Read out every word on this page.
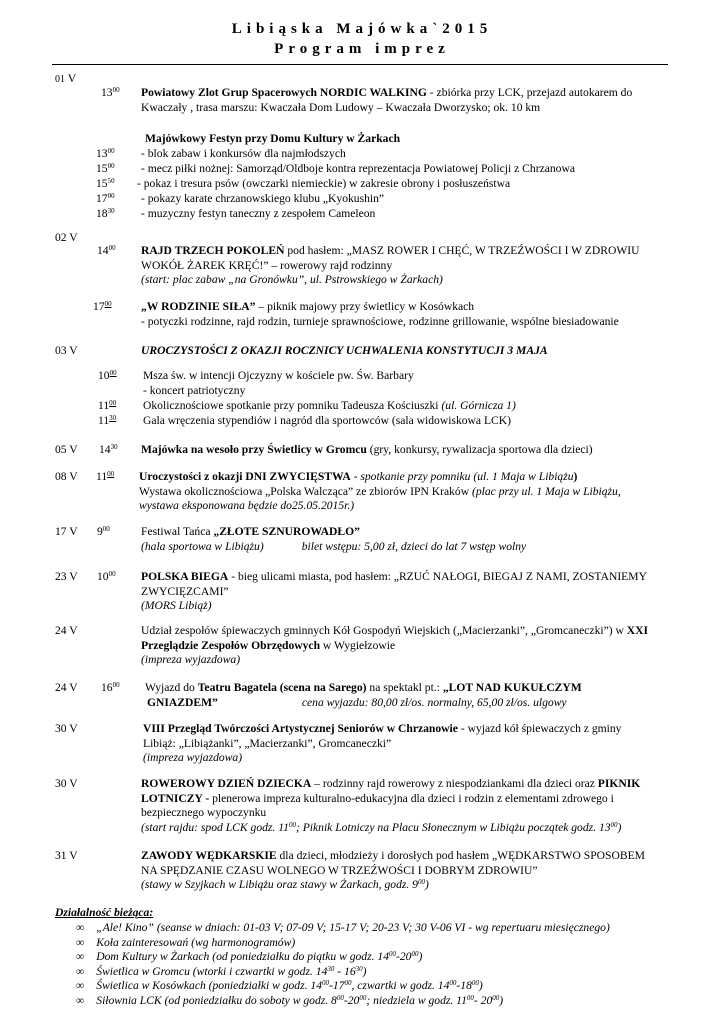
Libiąska Majówka`2015
Program imprez
01 V
$13^{00}$ Powiatowy Zlot Grup Spacerowych NORDIC WALKING - zbiórka przy LCK, przejazd autokarem do
Kwaczały , trasa marszu: Kwaczała Dom Ludowy – Kwaczała Dworzysko; ok. 10 km
Majówkowy Festyn przy Domu Kultury w Żarkach
$13^{00}$ - blok zabaw i konkursów dla najmłodszych
$15^{00}$ - mecz piłki nożnej: Samorząd/Oldboje kontra reprezentacja Powiatowej Policji z Chrzanowa
$15^{50}$ - pokaz i tresura psów (owczarki niemieckie) w zakresie obrony i posłuszeństwa
$17^{00}$ - pokazy karate chrzanowskiego klubu „Kyokushin”
$18^{30}$ - muzyczny festyn taneczny z zespołem Cameleon
02 V
$14^{00}$ RAJD TRZECH POKOLEŃ pod hasłem: „MASZ ROWER I CHĘĆ, W TRZEŹWOŚCI I W ZDROWIU
WOKÓŁ ŻAREK KRĘĆ!” – rowerowy rajd rodzinny
(start: plac zabaw „na Gronówku”, ul. Pstrowskiego w Żarkach)
$17^{00}$	„W RODZINIE SIŁA” – piknik majowy przy świetlicy w Kosówkach
- potyczki rodzinne, rajd rodzin, turnieje sprawnościowe, rodzinne grillowanie, wspólne biesiadowanie
03 V	UROCZYSTOŚCI Z OKAZJI ROCZNICY UCHWALENIA KONSTYTUCJI 3 MAJA
$10^{00}$ Msza św. w intencji Ojczyzny w kościele pw. Św. Barbary
- koncert patriotyczny
$11^{00}$ Okolicznościowe spotkanie przy pomniku Tadeusza Kościuszki (ul. Górnicza 1)
$11^{30}$ Gala wręczenia stypendiów i nagród dla sportowców (sala widowiskowa LCK)
05 V $14^{30}$ Majówka na wesoło przy Świetlicy w Gromcu (gry, konkursy, rywalizacja sportowa dla dzieci)
08 V $11^{00}$ Uroczystości z okazji DNI ZWYCIĘSTWA - spotkanie przy pomniku (ul. 1 Maja w Libiążu)
Wystawa okolicznościowa „Polska Walcząca” ze zbiorów IPN Kraków (plac przy ul. 1 Maja w Libiążu,
wystawa eksponowana będzie do25.05.2015r.)
17 V $9^{00}$	Festiwal Tańca „ZŁOTE SZNUROWADŁO”
(hala sportowa w Libiążu)	bilet wstępu: 5,00 zł, dzieci do lat 7 wstęp wolny
23 V $10^{00}$ POLSKA BIEGA - bieg ulicami miasta, pod hasłem: „RZUĆ NAŁOGI, BIEGAJ Z NAMI, ZOSTANIEMY
ZWYCIĘZCAMI”
(MORS Libiąż)
24 V	Udział zespołów śpiewaczych gminnych Kół Gospodyń Wiejskich („Macierzanki”, „Gromcaneczki”) w XXI
Przeglądzie Zespołów Obrzędowych w Wygiełzowie
(impreza wyjazdowa)
24 V $16^{00}$ Wyjazd do Teatru Bagatela (scena na Sarego) na spektakl pt.: „LOT NAD KUKUŁCZYM
GNIAZDEM”	cena wyjazdu: 80,00 zł/os. normalny, 65,00 zł/os. ulgowy
30 V	VIII Przegląd Twórczości Artystycznej Seniorów w Chrzanowie - wyjazd kół śpiewaczych z gminy
Libiąż: „Libiążanki”, „Macierzanki”, Gromcaneczki”
(impreza wyjazdowa)
30 V	ROWEROWY DZIEŃ DZIECKA – rodzinny rajd rowerowy z niespodziankami dla dzieci oraz PIKNIK
LOTNICZY - plenerowa impreza kulturalno-edukacyjna dla dzieci i rodzin z elementami zdrowego i
bezpiecznego wypoczynku
(start rajdu: spod LCK godz. $11^{00}$; Piknik Lotniczy na Placu Słonecznym w Libiążu początek godz. $13^{00}$)
31 V	ZAWODY WĘDKARSKIE dla dzieci, młodzieży i dorosłych pod hasłem „WĘDKARSTWO SPOSOBEM
NA SPĘDZANIE CZASU WOLNEGO W TRZEŹWOŚCI I DOBRYM ZDROWIU”
(stawy w Szyjkach w Libiążu oraz stawy w Żarkach, godz. $9^{00}$)
Działalność bieżąca:
∞ „Ale! Kino” (seanse w dniach: 01-03 V; 07-09 V; 15-17 V; 20-23 V; 30 V-06 VI - wg repertuaru miesięcznego)
∞ Koła zainteresowań (wg harmonogramów)
∞ Dom Kultury w Żarkach (od poniedziałku do piątku w godz. $14^{00}-20^{00}$)
∞ Świetlica w Gromcu (wtorki i czwartki w godz. $14^{30} - 16^{30}$)
∞ Świetlica w Kosówkach (poniedziałki w godz. $14^{00}-17^{00}$, czwartki w godz. $14^{00}-18^{00}$)
∞ Siłownia LCK (od poniedziałku do soboty w godz. $8^{00}-20^{00}$; niedziela w godz. $11^{00}-$ $20^{00}$)
